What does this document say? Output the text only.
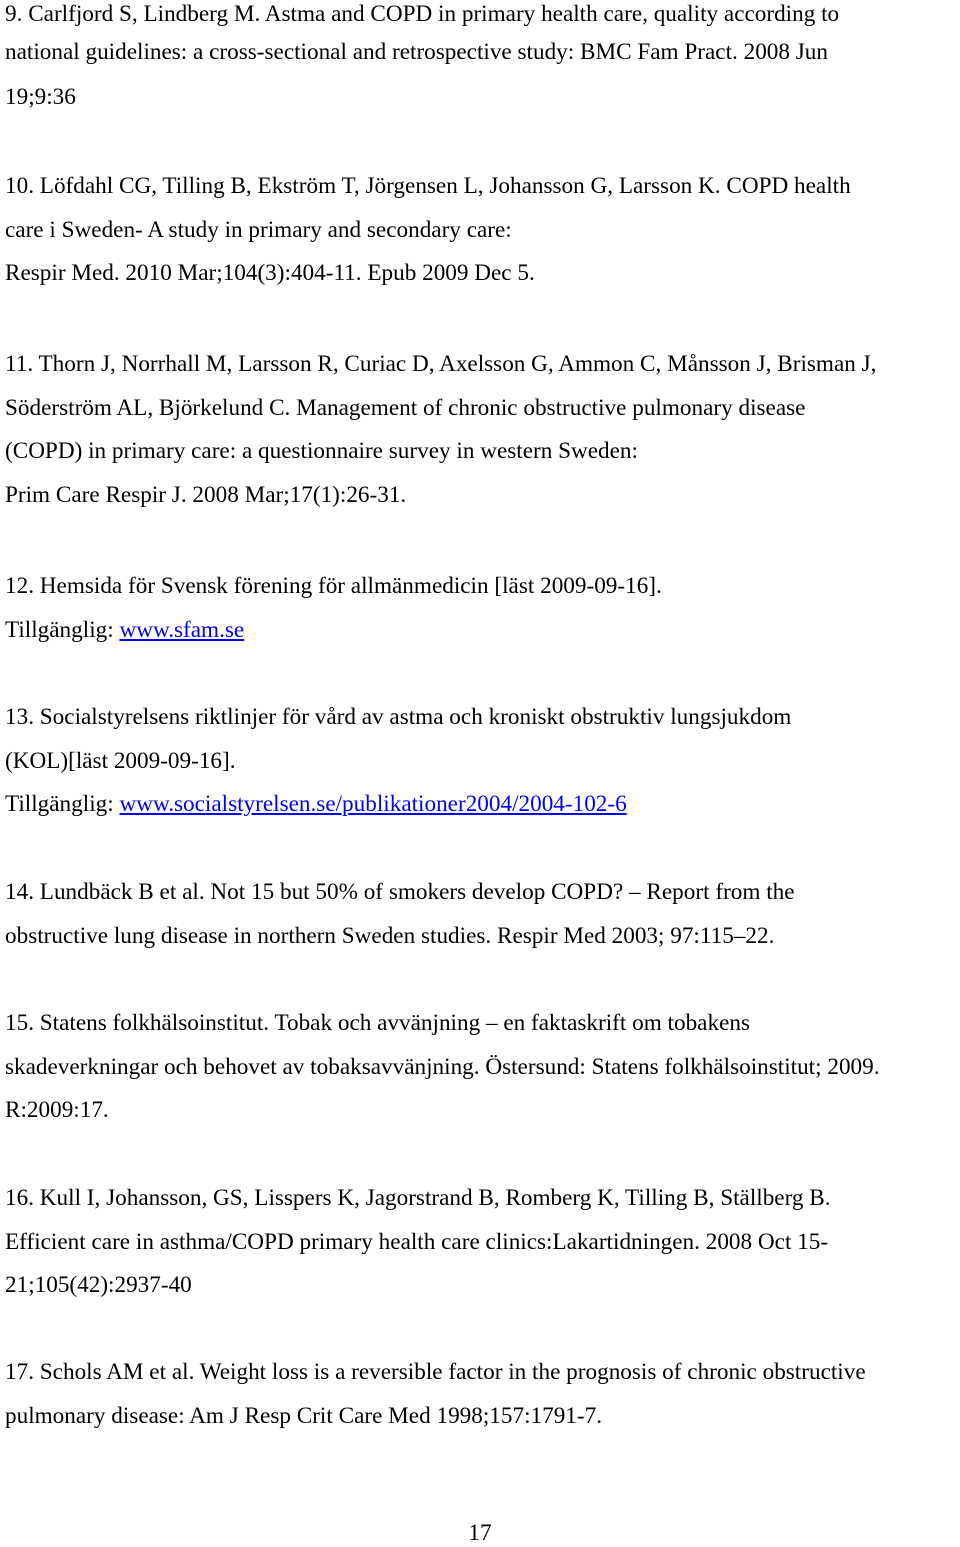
9. Carlfjord S, Lindberg M. Astma and COPD in primary health care, quality according to
national guidelines: a cross-sectional and retrospective study: BMC Fam Pract. 2008 Jun
19;9:36
10. Löfdahl CG, Tilling B, Ekström T, Jörgensen L, Johansson G, Larsson K. COPD health
care i Sweden- A study in primary and secondary care:
Respir Med. 2010 Mar;104(3):404-11. Epub 2009 Dec 5.
11. Thorn J, Norrhall M, Larsson R, Curiac D, Axelsson G, Ammon C, Månsson J, Brisman J,
Söderström AL, Björkelund C. Management of chronic obstructive pulmonary disease
(COPD) in primary care: a questionnaire survey in western Sweden:
Prim Care Respir J. 2008 Mar;17(1):26-31.
12. Hemsida för Svensk förening för allmänmedicin [läst 2009-09-16].
Tillgänglig: www.sfam.se
13. Socialstyrelsens riktlinjer för vård av astma och kroniskt obstruktiv lungsjukdom
(KOL)[läst 2009-09-16].
Tillgänglig: www.socialstyrelsen.se/publikationer2004/2004-102-6
14. Lundbäck B et al. Not 15 but 50% of smokers develop COPD? – Report from the
obstructive lung disease in northern Sweden studies. Respir Med 2003; 97:115–22.
15. Statens folkhälsoinstitut. Tobak och avvänjning – en faktaskrift om tobakens
skadeverkningar och behovet av tobaksavvänjning. Östersund: Statens folkhälsoinstitut; 2009.
R:2009:17.
16. Kull I, Johansson, GS, Lisspers K, Jagorstrand B, Romberg K, Tilling B, Ställberg B.
Efficient care in asthma/COPD primary health care clinics:Lakartidningen. 2008 Oct 15-
21;105(42):2937-40
17. Schols AM et al. Weight loss is a reversible factor in the prognosis of chronic obstructive
pulmonary disease: Am J Resp Crit Care Med 1998;157:1791-7.
17
